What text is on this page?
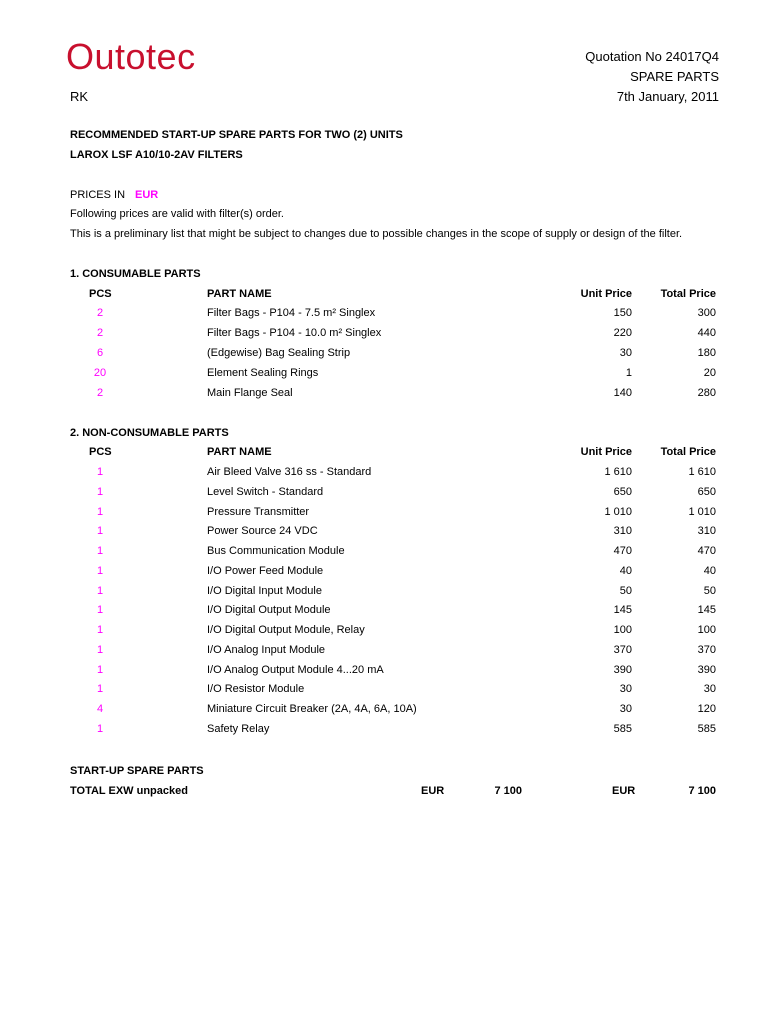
Outotec
RK
Quotation No 24017Q4
SPARE PARTS
7th January, 2011
RECOMMENDED START-UP SPARE PARTS FOR TWO (2) UNITS
LAROX LSF A10/10-2AV FILTERS
PRICES IN EUR
Following prices are valid with filter(s) order.
This is a preliminary list that might be subject to changes due to possible changes in the scope of supply or design of the filter.
1. CONSUMABLE PARTS
PCS	PART NAME	Unit Price	Total Price
2	Filter Bags - P104 - 7.5 m² Singlex	150	300
2	Filter Bags - P104 - 10.0 m² Singlex	220	440
6	(Edgewise) Bag Sealing Strip	30	180
20	Element Sealing Rings	1	20
2	Main Flange Seal	140	280
2. NON-CONSUMABLE PARTS
PCS	PART NAME	Unit Price	Total Price
1	Air Bleed Valve 316 ss - Standard	1 610	1 610
1	Level Switch - Standard	650	650
1	Pressure Transmitter	1 010	1 010
1	Power Source 24 VDC	310	310
1	Bus Communication Module	470	470
1	I/O Power Feed Module	40	40
1	I/O Digital Input Module	50	50
1	I/O Digital Output Module	145	145
1	I/O Digital Output Module, Relay	100	100
1	I/O Analog Input Module	370	370
1	I/O Analog Output Module 4...20 mA	390	390
1	I/O Resistor Module	30	30
4	Miniature Circuit Breaker (2A, 4A, 6A, 10A)	30	120
1	Safety Relay	585	585
START-UP SPARE PARTS
TOTAL EXW unpacked	EUR	7 100	EUR	7 100
